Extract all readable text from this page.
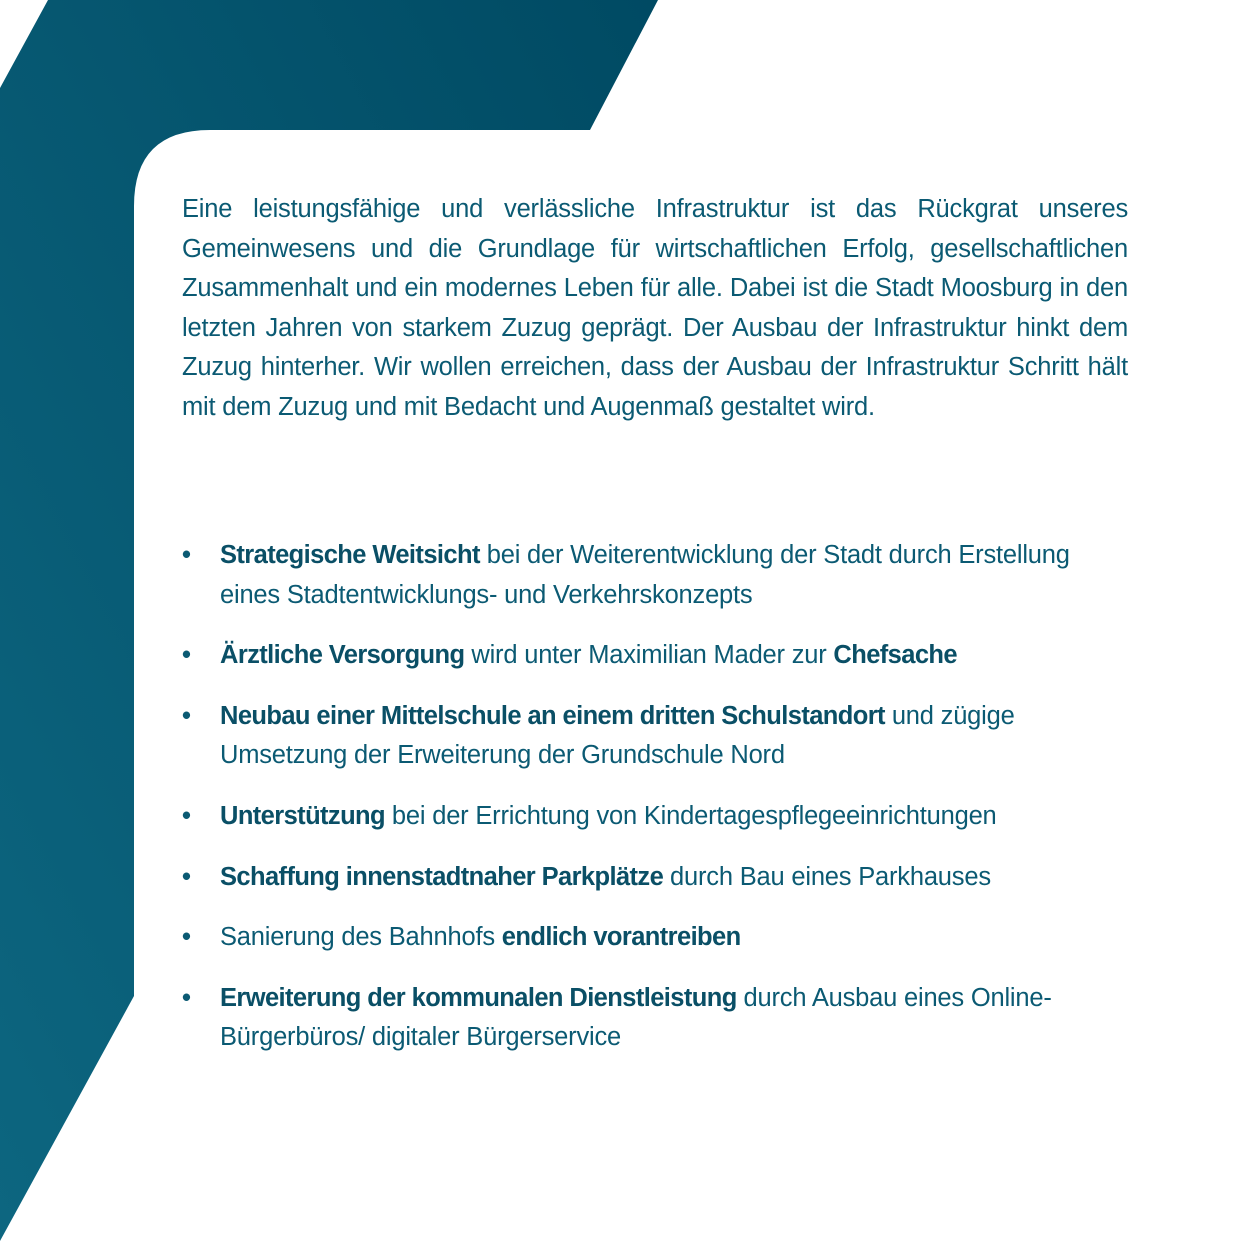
Eine leistungsfähige und verlässliche Infrastruktur ist das Rückgrat unseres Gemeinwesens und die Grundlage für wirtschaftlichen Erfolg, gesellschaftlichen Zusammenhalt und ein modernes Leben für alle. Dabei ist die Stadt Moosburg in den letzten Jahren von starkem Zuzug geprägt. Der Ausbau der Infrastruktur hinkt dem Zuzug hinterher. Wir wollen erreichen, dass der Ausbau der Infrastruktur Schritt hält mit dem Zuzug und mit Bedacht und Augenmaß gestaltet wird.

• Strategische Weitsicht bei der Weiterentwicklung der Stadt durch Erstellung eines Stadtentwicklungs- und Verkehrskonzepts
• Ärztliche Versorgung wird unter Maximilian Mader zur Chefsache
• Neubau einer Mittelschule an einem dritten Schulstandort und zügige Umsetzung der Erweiterung der Grundschule Nord
• Unterstützung bei der Errichtung von Kindertagespflegeeinrichtungen
• Schaffung innenstadtnaher Parkplätze durch Bau eines Parkhauses
• Sanierung des Bahnhofs endlich vorantreiben
• Erweiterung der kommunalen Dienstleistung durch Ausbau eines Online-Bürgerbüros/ digitaler Bürgerservice
